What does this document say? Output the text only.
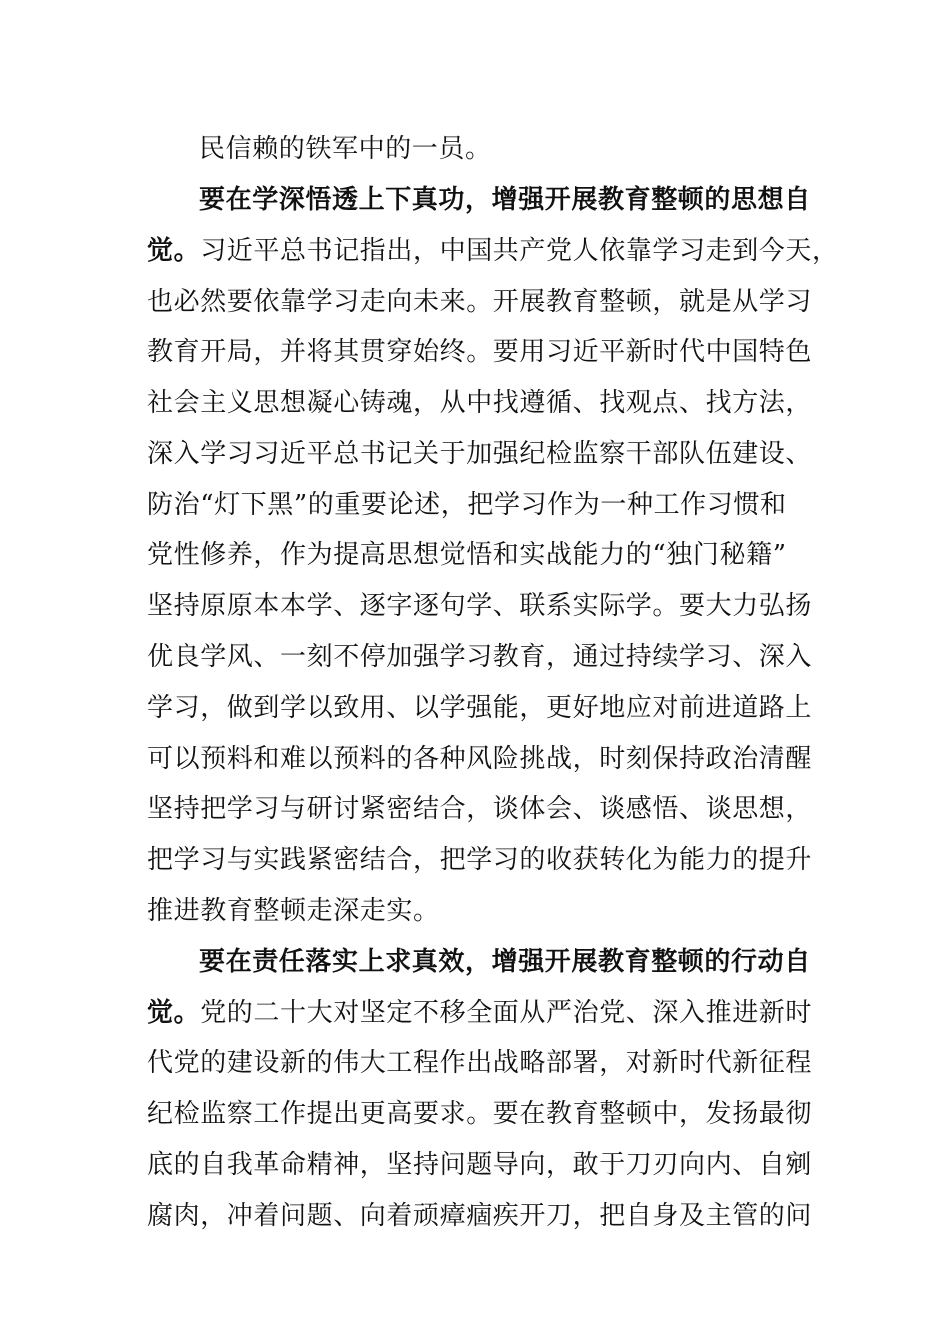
民信赖的铁军中的一员。
要在学深悟透上下真功，增强开展教育整顿的思想自
觉。习近平总书记指出，中国共产党人依靠学习走到今天，
也必然要依靠学习走向未来。开展教育整顿，就是从学习
教育开局，并将其贯穿始终。要用习近平新时代中国特色
社会主义思想凝心铸魂，从中找遵循、找观点、找方法，
深入学习习近平总书记关于加强纪检监察干部队伍建设、
防治“灯下黑”的重要论述，把学习作为一种工作习惯和
党性修养，作为提高思想觉悟和实战能力的“独门秘籍”
坚持原原本本学、逐字逐句学、联系实际学。要大力弘扬
优良学风、一刻不停加强学习教育，通过持续学习、深入
学习，做到学以致用、以学强能，更好地应对前进道路上
可以预料和难以预料的各种风险挑战，时刻保持政治清醒
坚持把学习与研讨紧密结合，谈体会、谈感悟、谈思想，
把学习与实践紧密结合，把学习的收获转化为能力的提升
推进教育整顿走深走实。
要在责任落实上求真效，增强开展教育整顿的行动自
觉。党的二十大对坚定不移全面从严治党、深入推进新时
代党的建设新的伟大工程作出战略部署，对新时代新征程
纪检监察工作提出更高要求。要在教育整顿中，发扬最彻
底的自我革命精神，坚持问题导向，敢于刀刃向内、自剜
腐肉，冲着问题、向着顽瘴痼疾开刀，把自身及主管的问
